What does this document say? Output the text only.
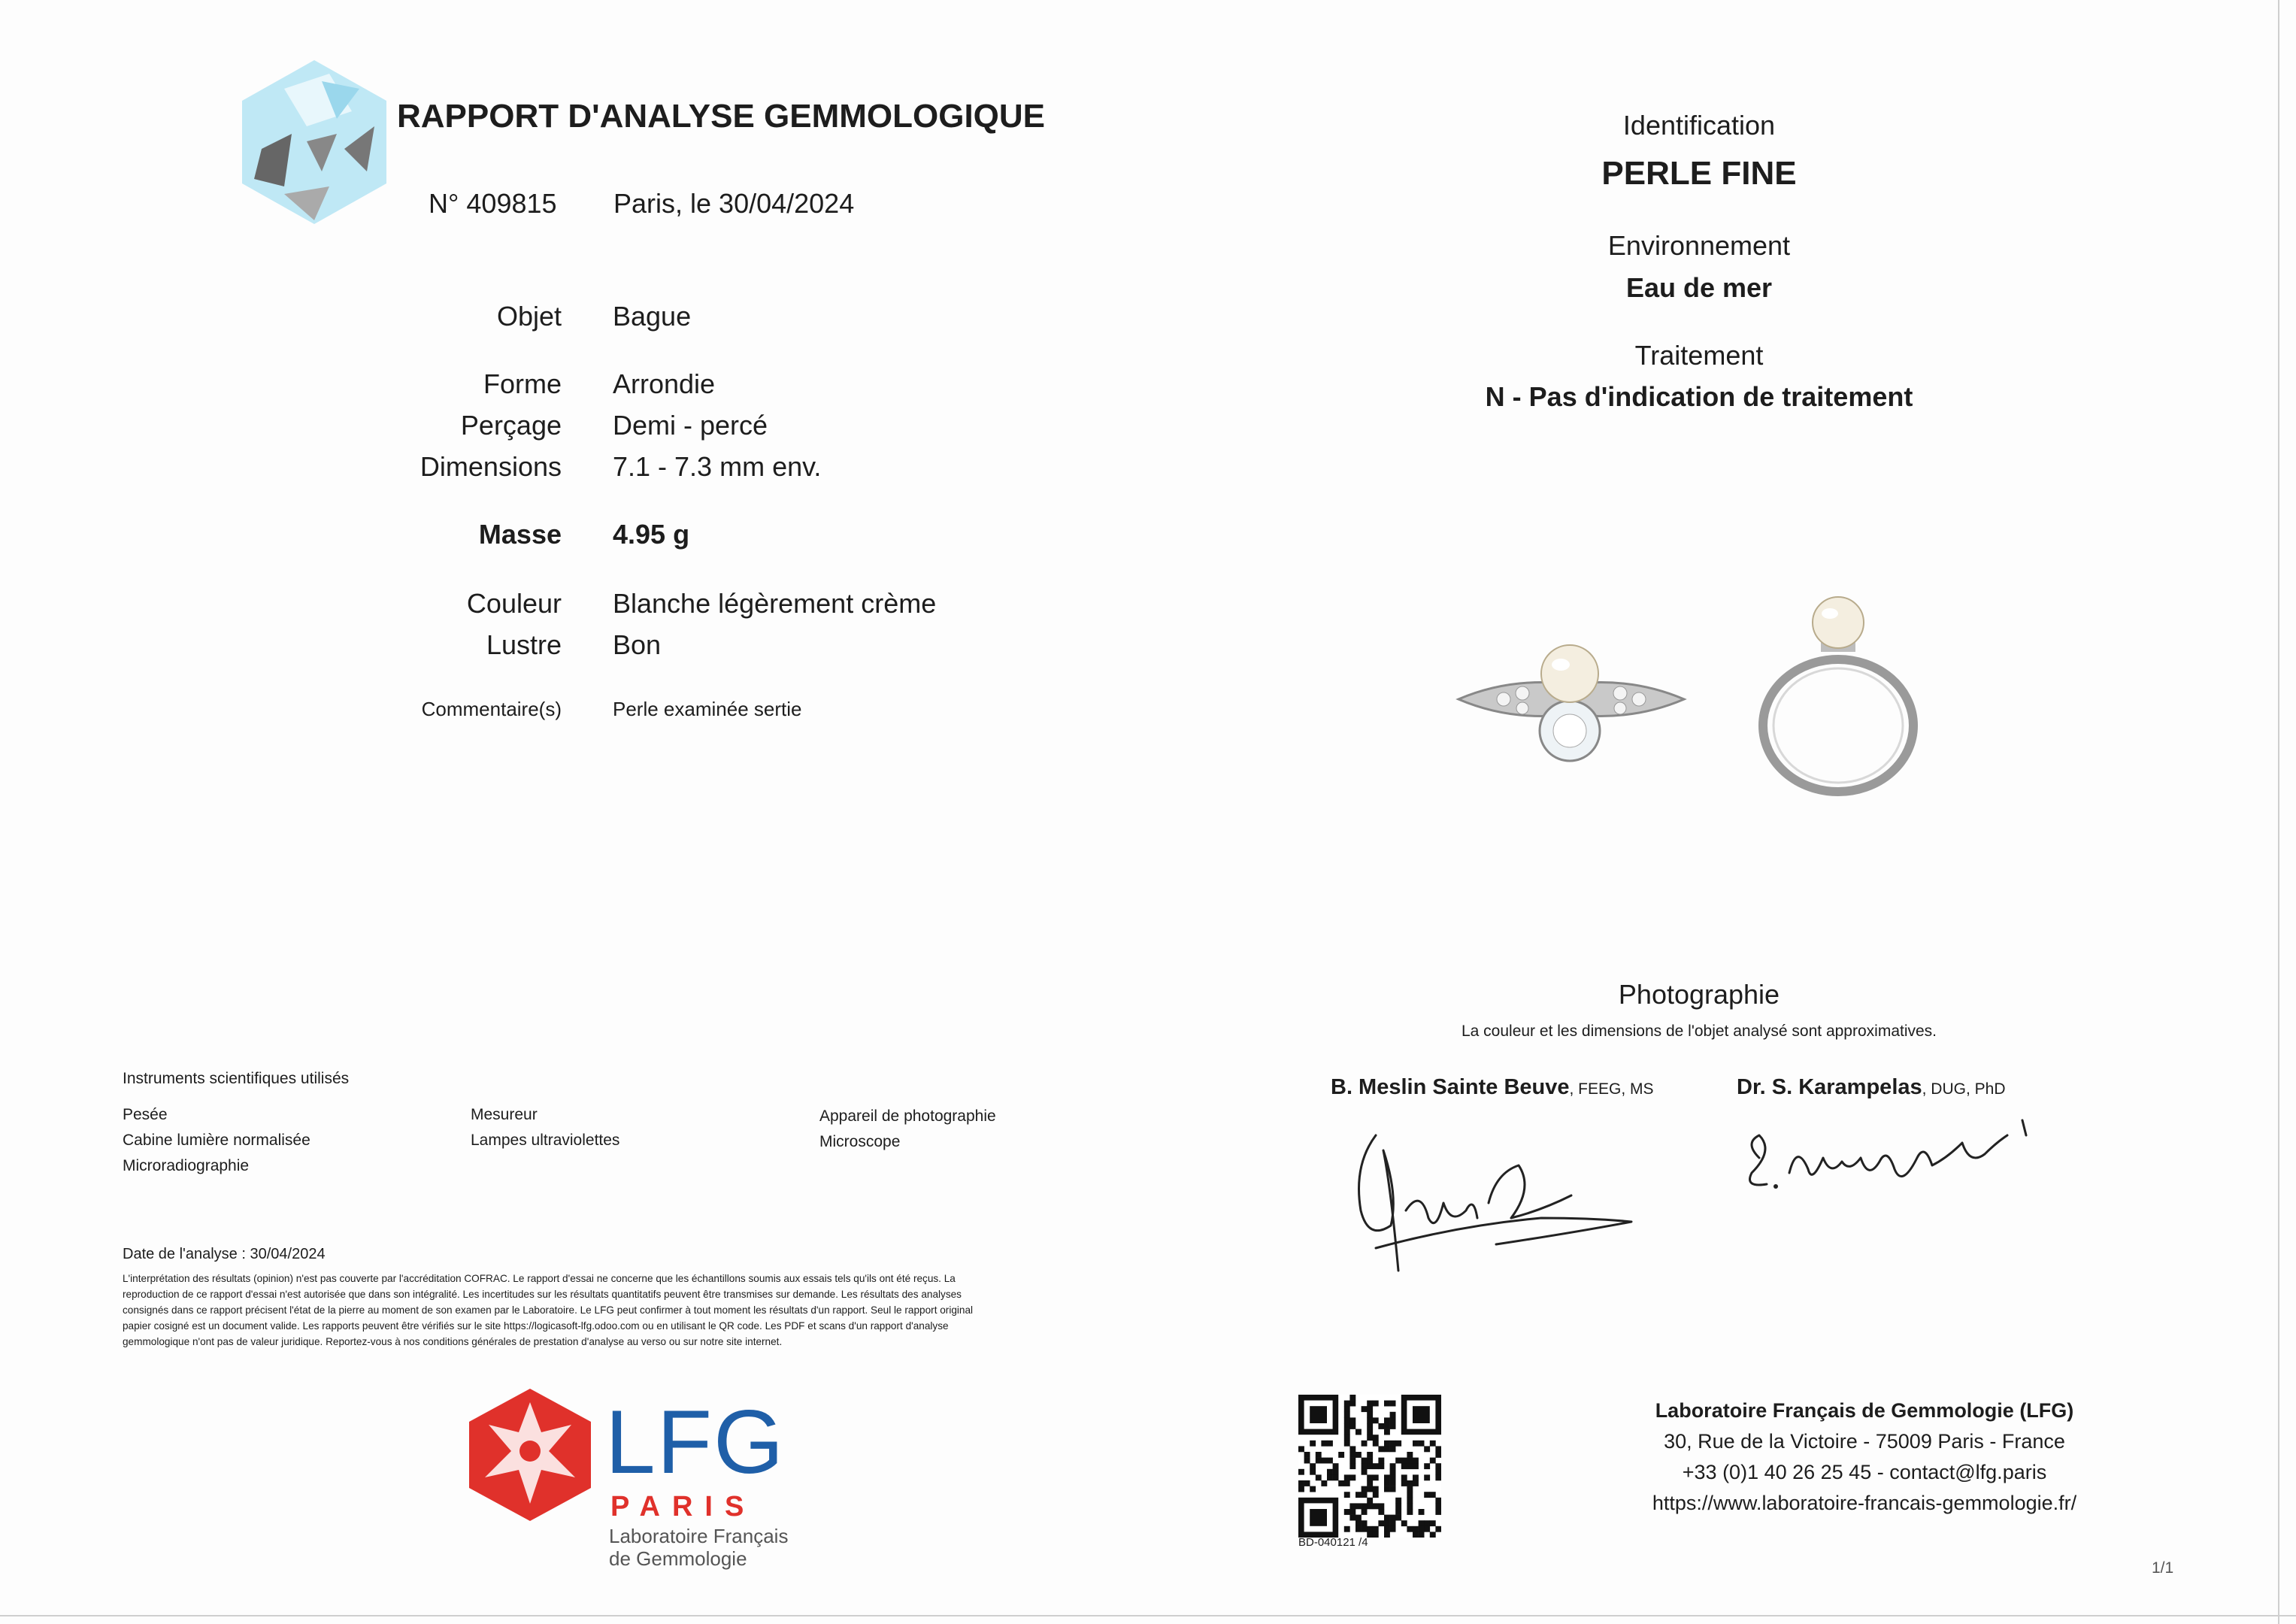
RAPPORT D'ANALYSE GEMMOLOGIQUE
N° 409815 Paris, le 30/04/2024
Objet Bague
Forme Arrondie
Perçage Demi - percé
Dimensions 7.1 - 7.3 mm env.
Masse 4.95 g
Couleur Blanche légèrement crème
Lustre Bon
Commentaire(s)	Perle examinée sertie
Identification
PERLE FINE
Environnement
Eau de mer
Traitement
N - Pas d'indication de traitement
Photographie
La couleur et les dimensions de l'objet analysé sont approximatives.
Instruments scientifiques utilisés
Pesée
Cabine lumière normalisée
Microradiographie
Mesureur
Lampes ultraviolettes
Appareil de photographie
Microscope
Date de l'analyse : 30/04/2024
L'interprétation des résultats (opinion) n'est pas couverte par l'accréditation COFRAC. Le rapport d'essai ne concerne que les échantillons soumis aux essais tels qu'ils ont été reçus. La
reproduction de ce rapport d'essai n'est autorisée que dans son intégralité. Les incertitudes sur les résultats quantitatifs peuvent être transmises sur demande. Les résultats des analyses
consignés dans ce rapport précisent l'état de la pierre au moment de son examen par le Laboratoire. Le LFG peut confirmer à tout moment les résultats d'un rapport. Seul le rapport original
papier cosigné est un document valide. Les rapports peuvent être vérifiés sur le site https://logicasoft-lfg.odoo.com ou en utilisant le QR code. Les PDF et scans d'un rapport d'analyse
gemmologique n'ont pas de valeur juridique. Reportez-vous à nos conditions générales de prestation d'analyse au verso ou sur notre site internet.
B. Meslin Sainte Beuve, FEEG, MS	Dr. S. Karampelas, DUG, PhD
LFG
PARIS
Laboratoire Français
de Gemmologie
BD-040121 /4
Laboratoire Français de Gemmologie (LFG)
30, Rue de la Victoire - 75009 Paris - France
+33 (0)1 40 26 25 45 - contact@lfg.paris
https://www.laboratoire-francais-gemmologie.fr/
1/1
